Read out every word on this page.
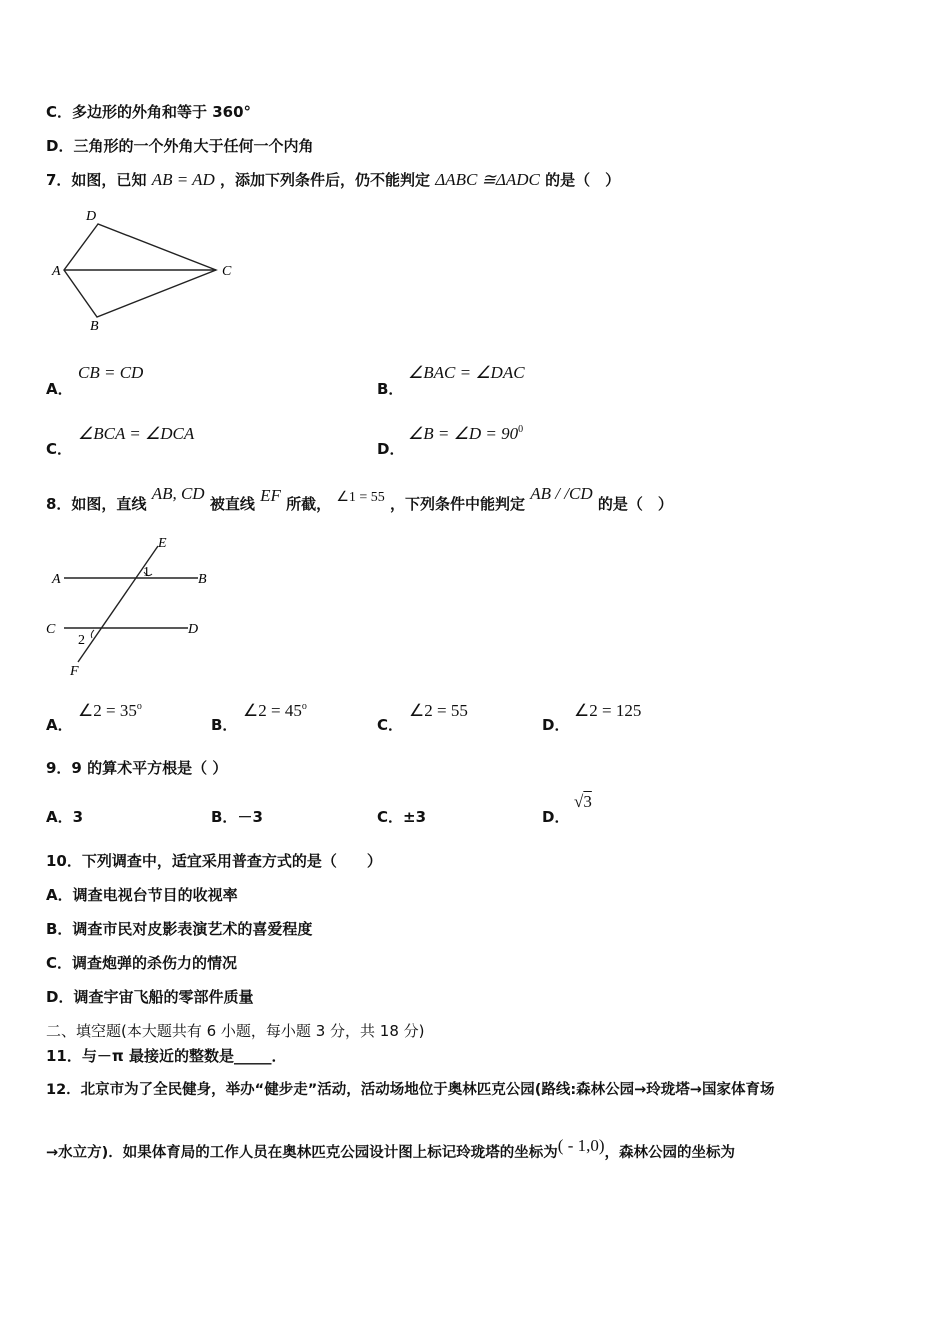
C．多边形的外角和等于 360°
D．三角形的一个外角大于任何一个内角
7．如图，已知 AB = AD ，添加下列条件后，仍不能判定 ΔABC ≅ΔADC 的是（　）
D
A	C
B
A．
CB = CD
B．
∠BAC = ∠DAC
C．
∠BCA = ∠DCA
D．
∠B = ∠D = $90^0$
8．如图，直线 AB, CD 被直线 EF 所截， ∠1 = 55 ，下列条件中能判定 AB / /CD 的是（　）
E
A	1	B
C
2
D
F
A．
∠2 = $35^o$
B．
∠2 = $45^o$
C．
∠2 = 55
D．
∠2 = 125
9．9 的算术平方根是（ ）
A．3	B．－3	C．±3	D．
√3
10．下列调查中，适宜采用普查方式的是（　　）
A．调查电视台节目的收视率
B．调查市民对皮影表演艺术的喜爱程度
C．调查炮弹的杀伤力的情况
D．调查宇宙飞船的零部件质量
二、填空题(本大题共有 6 小题，每小题 3 分，共 18 分)
11．与－π 最接近的整数是_____．
12．北京市为了全民健身，举办“健步走”活动，活动场地位于奥林匹克公园(路线:森林公园→玲珑塔→国家体育场
→水立方)．如果体育局的工作人员在奥林匹克公园设计图上标记玲珑塔的坐标为( - 1,0)，森林公园的坐标为
